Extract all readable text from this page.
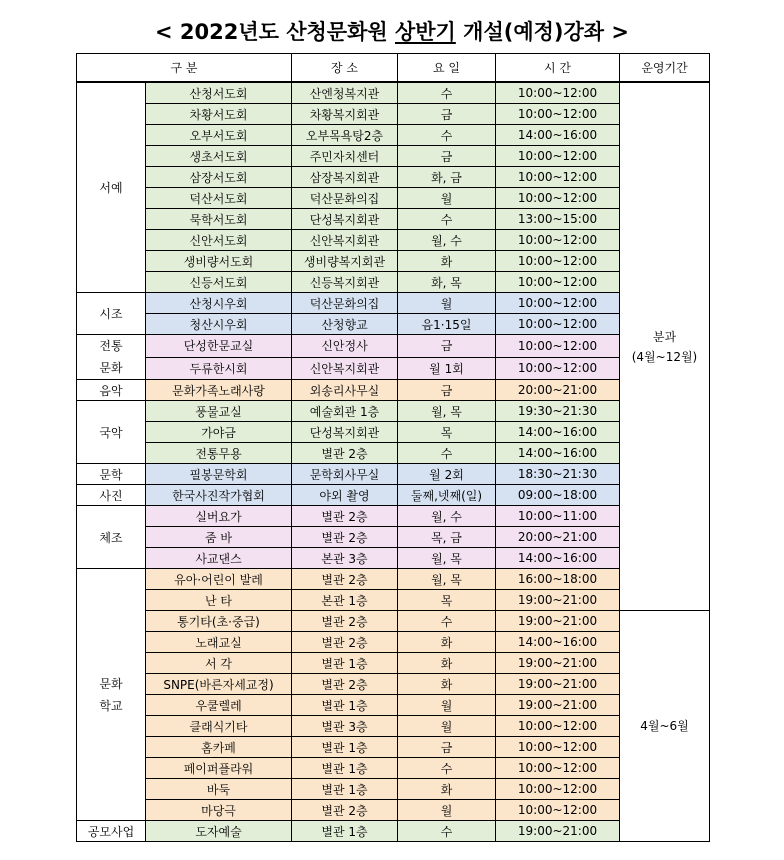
< 2022년도 산청문화원 상반기 개설(예정)강좌 >
구 분		장 소	요 일	시 간	운영기간
서예	산청서도회	산엔청복지관	수	10:00~12:00	분과
(4월~12월)
	차황서도회	차황복지회관	금	10:00~12:00	
	오부서도회	오부목욕탕2층	수	14:00~16:00	
	생초서도회	주민자치센터	금	10:00~12:00	
	삼장서도회	삼장복지회관	화, 금	10:00~12:00	
	덕산서도회	덕산문화의집	월	10:00~12:00	
	묵학서도회	단성복지회관	수	13:00~15:00	
	신안서도회	신안복지회관	월, 수	10:00~12:00	
	생비량서도회	생비량복지회관	화	10:00~12:00	
	신등서도회	신등복지회관	화, 목	10:00~12:00	
시조	산청시우회	덕산문화의집	월	10:00~12:00	
	청산시우회	산청향교	음1·15일	10:00~12:00	

전통
문화	단성한문교실	신안정사	금	10:00~12:00	
	두류한시회	신안복지회관	월 1회	10:00~12:00	
음악	문화가족노래사랑	외송리사무실	금	20:00~21:00	
국악	풍물교실	예술회관 1층	월, 목	19:30~21:30	
	가야금	단성복지회관	목	14:00~16:00	
	전통무용	별관 2층	수	14:00~16:00	
문학	필봉문학회	문학회사무실	월 2회	18:30~21:30	
사진	한국사진작가협회	야외 촬영	둘째,넷째(일)	09:00~18:00	
체조	실버요가	별관 2층	월, 수	10:00~11:00	
	줌 바	별관 2층	목, 금	20:00~21:00	
	사교댄스	본관 3층	월, 목	14:00~16:00	

문화
학교	유아·어린이 발레	별관 2층	월, 목	16:00~18:00	
	난 타	본관 1층	목	19:00~21:00	
	통기타(초·중급)	별관 2층	수	19:00~21:00	4월~6월
	노래교실	별관 2층	화	14:00~16:00	
	서 각	별관 1층	화	19:00~21:00	
	SNPE(바른자세교정)	별관 2층	화	19:00~21:00	
	우쿨렐레	별관 1층	월	19:00~21:00	
	클래식기타	별관 3층	월	10:00~12:00	
	홈카페	별관 1층	금	10:00~12:00	
	페이퍼플라워	별관 1층	수	10:00~12:00	
	바둑	별관 1층	화	10:00~12:00	
	마당극	별관 2층	월	10:00~12:00	
공모사업	도자예술	별관 1층	수	19:00~21:00	
